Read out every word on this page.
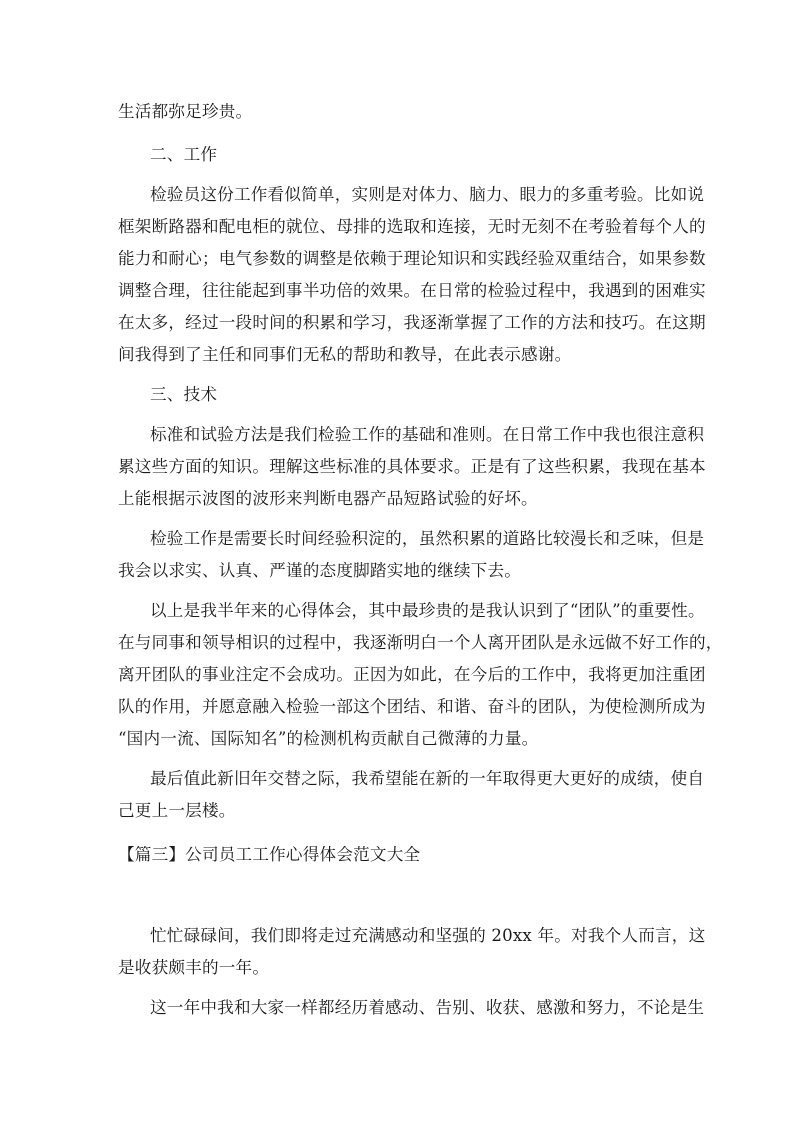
生活都弥足珍贵。

二、工作

检验员这份工作看似简单，实则是对体力、脑力、眼力的多重考验。比如说

框架断路器和配电柜的就位、母排的选取和连接，无时无刻不在考验着每个人的

能力和耐心；电气参数的调整是依赖于理论知识和实践经验双重结合，如果参数

调整合理，往往能起到事半功倍的效果。在日常的检验过程中，我遇到的困难实

在太多，经过一段时间的积累和学习，我逐渐掌握了工作的方法和技巧。在这期

间我得到了主任和同事们无私的帮助和教导，在此表示感谢。

三、技术

标准和试验方法是我们检验工作的基础和准则。在日常工作中我也很注意积

累这些方面的知识。理解这些标准的具体要求。正是有了这些积累，我现在基本

上能根据示波图的波形来判断电器产品短路试验的好坏。

检验工作是需要长时间经验积淀的，虽然积累的道路比较漫长和乏味，但是

我会以求实、认真、严谨的态度脚踏实地的继续下去。

以上是我半年来的心得体会，其中最珍贵的是我认识到了“团队”的重要性。

在与同事和领导相识的过程中，我逐渐明白一个人离开团队是永远做不好工作的，

离开团队的事业注定不会成功。正因为如此，在今后的工作中，我将更加注重团

队的作用，并愿意融入检验一部这个团结、和谐、奋斗的团队，为使检测所成为

“国内一流、国际知名”的检测机构贡献自己微薄的力量。

最后值此新旧年交替之际，我希望能在新的一年取得更大更好的成绩，使自

己更上一层楼。

【篇三】公司员工工作心得体会范文大全

忙忙碌碌间，我们即将走过充满感动和坚强的 20xx 年。对我个人而言，这

是收获颇丰的一年。

这一年中我和大家一样都经历着感动、告别、收获、感激和努力，不论是生
